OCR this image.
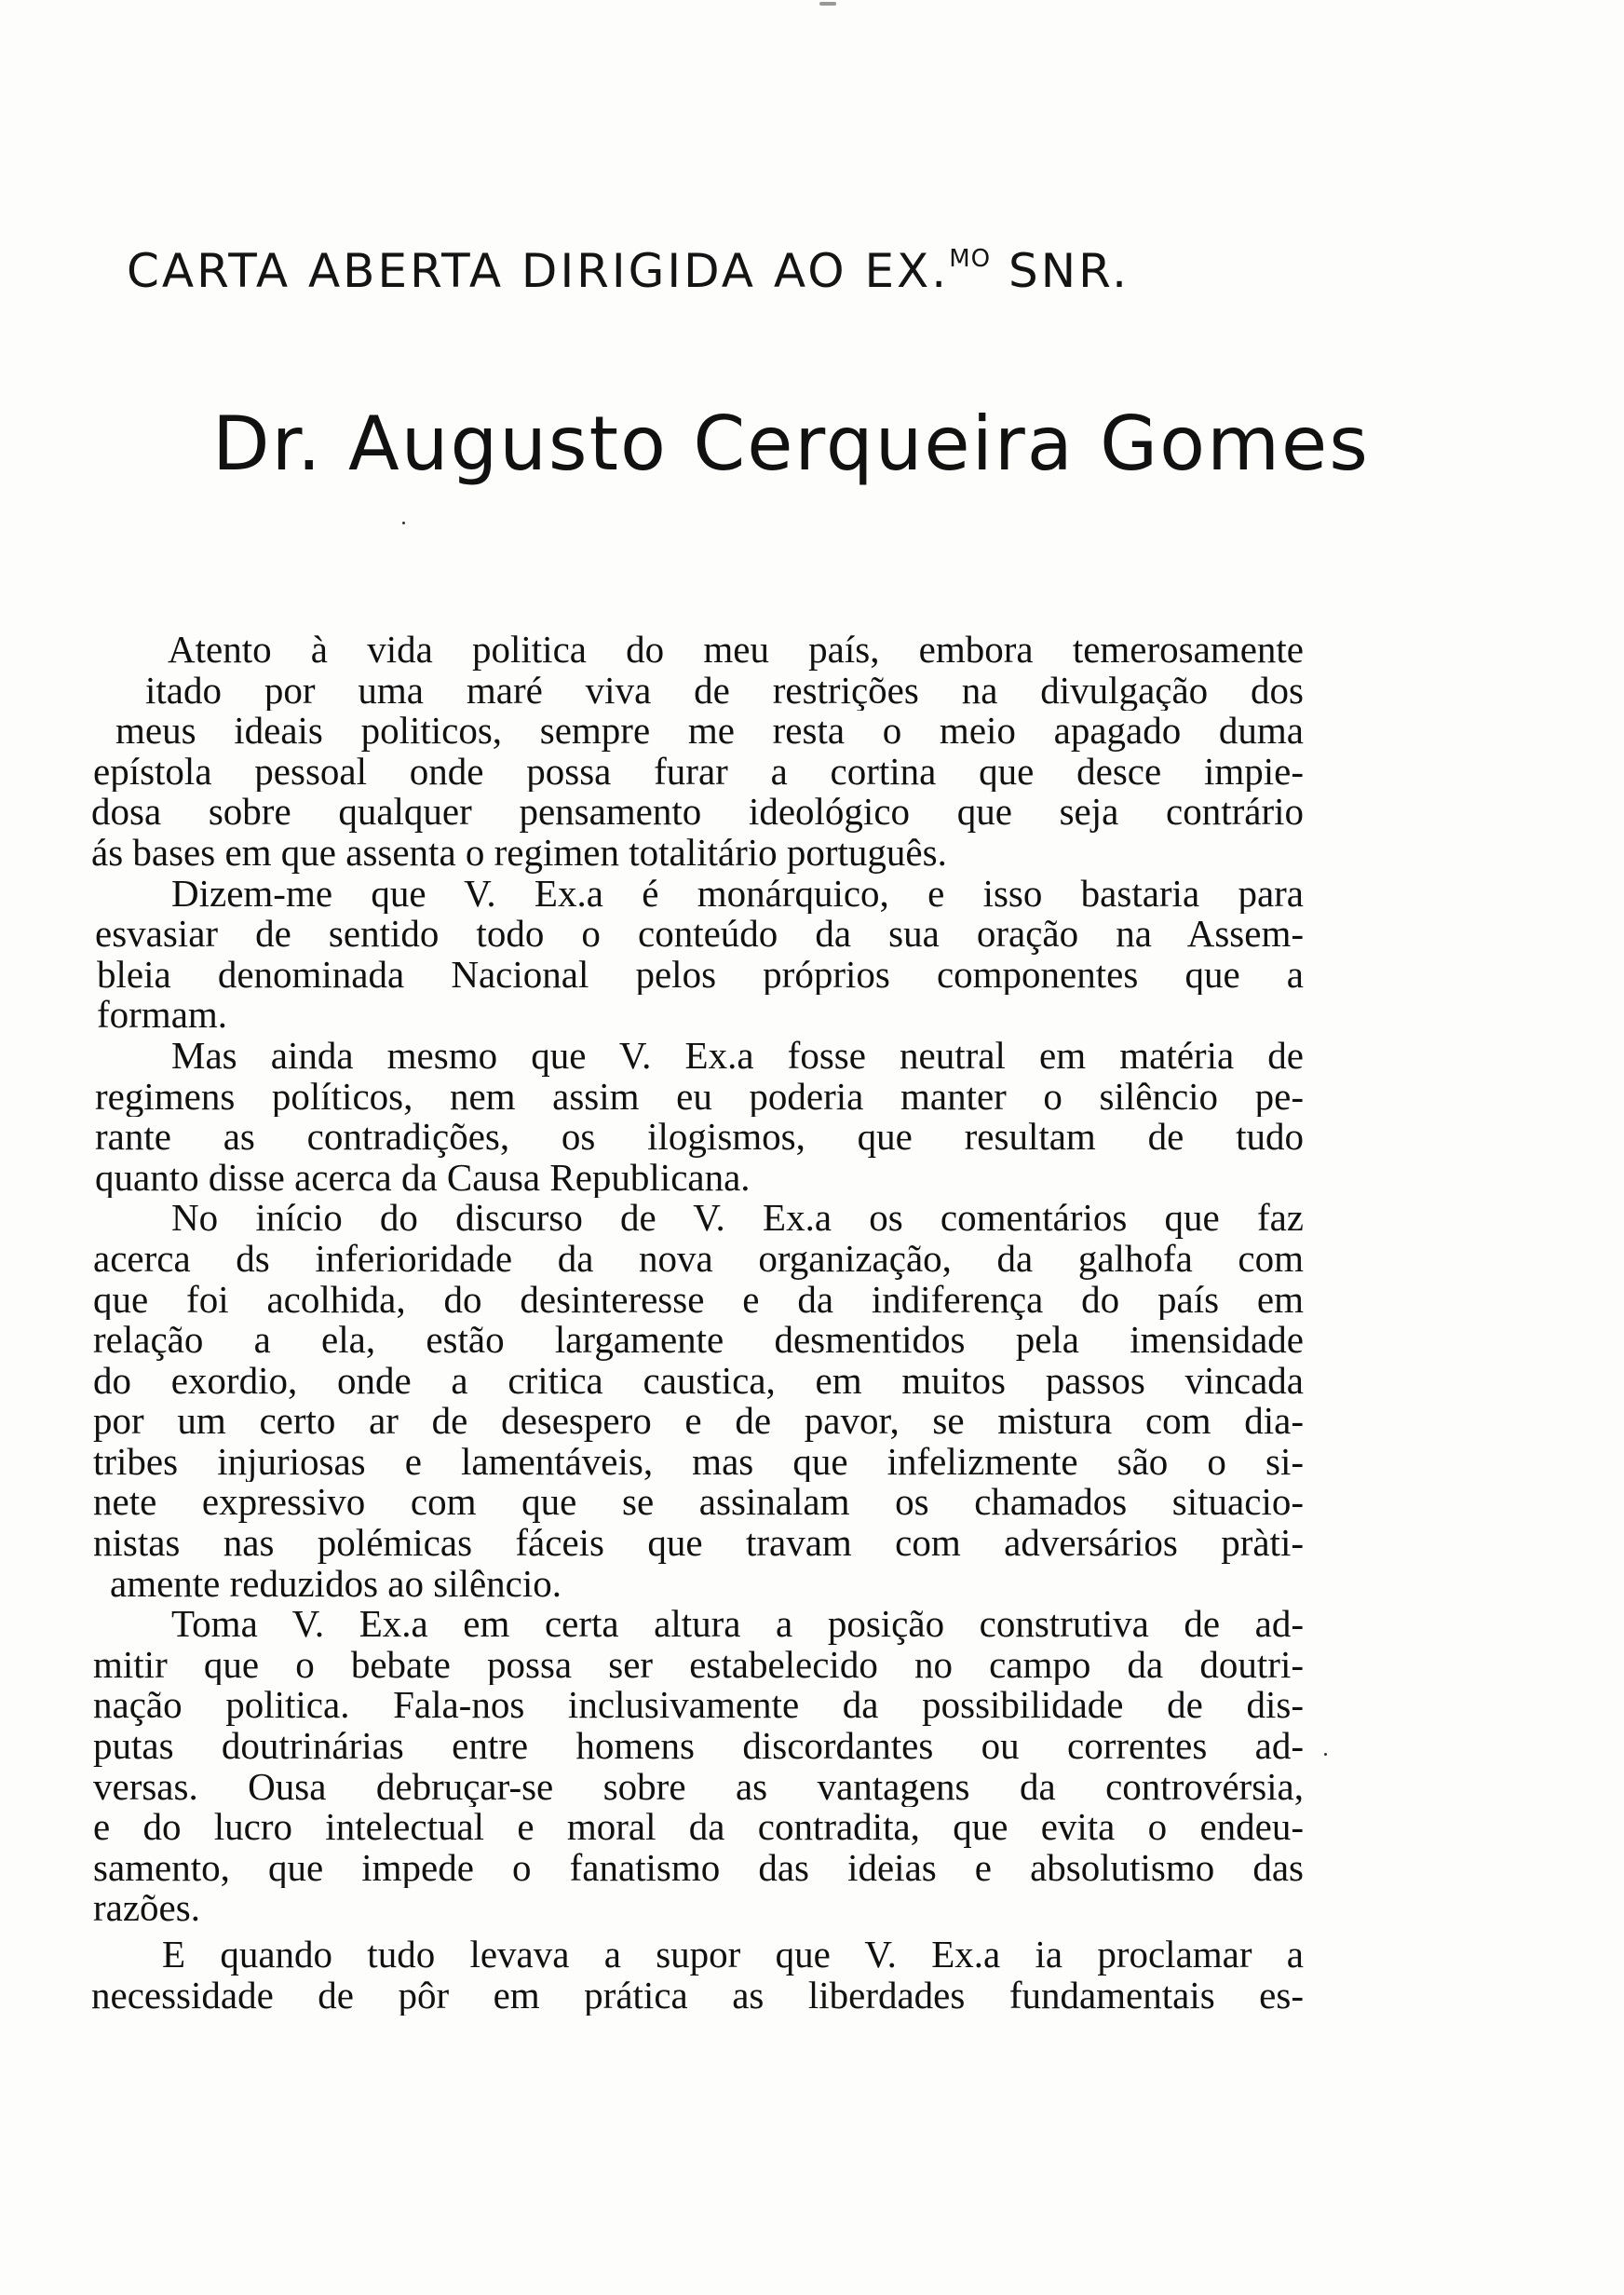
CARTA ABERTA DIRIGIDA AO EX.$^{MO}$ SNR.
Dr. Augusto Cerqueira Gomes
Atento à vida politica do meu país, embora temerosamente
itado por uma maré viva de restrições na divulgação dos
meus ideais politicos, sempre me resta o meio apagado duma
epístola pessoal onde possa furar a cortina que desce impie-
dosa sobre qualquer pensamento ideológico que seja contrário
ás bases em que assenta o regimen totalitário português.
Dizem-me que V. Ex.a é monárquico, e isso bastaria para
esvasiar de sentido todo o conteúdo da sua oração na Assem-
bleia denominada Nacional pelos próprios componentes que a
formam.
Mas ainda mesmo que V. Ex.a fosse neutral em matéria de
regimens políticos, nem assim eu poderia manter o silêncio pe-
rante as contradições, os ilogismos, que resultam de tudo
quanto disse acerca da Causa Republicana.
No início do discurso de V. Ex.a os comentários que faz
acerca ds inferioridade da nova organização, da galhofa com
que foi acolhida, do desinteresse e da indiferença do país em
relação a ela, estão largamente desmentidos pela imensidade
do exordio, onde a critica caustica, em muitos passos vincada
por um certo ar de desespero e de pavor, se mistura com dia-
tribes injuriosas e lamentáveis, mas que infelizmente são o si-
nete expressivo com que se assinalam os chamados situacio-
nistas nas polémicas fáceis que travam com adversários pràti-
amente reduzidos ao silêncio.
Toma V. Ex.a em certa altura a posição construtiva de ad-
mitir que o bebate possa ser estabelecido no campo da doutri-
nação politica. Fala-nos inclusivamente da possibilidade de dis-
putas doutrinárias entre homens discordantes ou correntes ad-
versas. Ousa debruçar-se sobre as vantagens da controvérsia,
e do lucro intelectual e moral da contradita, que evita o endeu-
samento, que impede o fanatismo das ideias e absolutismo das
razões.
E quando tudo levava a supor que V. Ex.a ia proclamar a
necessidade de pôr em prática as liberdades fundamentais es-
